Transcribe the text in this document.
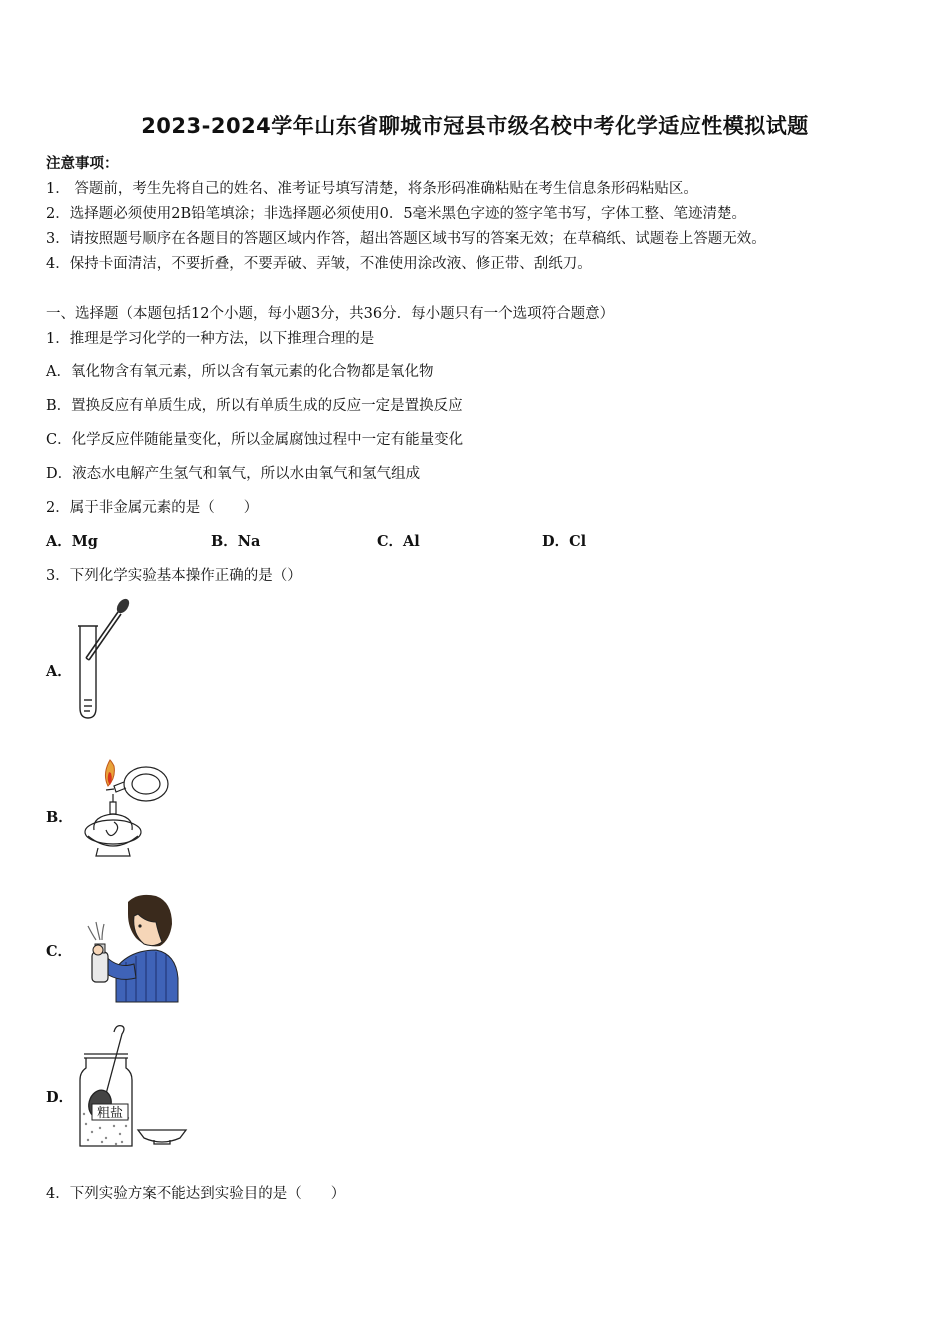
2023-2024学年山东省聊城市冠县市级名校中考化学适应性模拟试题
注意事项：
1． 答题前，考生先将自己的姓名、准考证号填写清楚，将条形码准确粘贴在考生信息条形码粘贴区。
2．选择题必须使用2B铅笔填涂；非选择题必须使用0．5毫米黑色字迹的签字笔书写，字体工整、笔迹清楚。
3．请按照题号顺序在各题目的答题区域内作答，超出答题区域书写的答案无效；在草稿纸、试题卷上答题无效。
4．保持卡面清洁，不要折叠，不要弄破、弄皱，不准使用涂改液、修正带、刮纸刀。
一、选择题（本题包括12个小题，每小题3分，共36分．每小题只有一个选项符合题意）
1．推理是学习化学的一种方法，以下推理合理的是
A．氧化物含有氧元素，所以含有氧元素的化合物都是氧化物
B．置换反应有单质生成，所以有单质生成的反应一定是置换反应
C．化学反应伴随能量变化，所以金属腐蚀过程中一定有能量变化
D．液态水电解产生氢气和氧气，所以水由氧气和氢气组成
2．属于非金属元素的是（　　）
A．Mg	B．Na	C．Al	D．Cl
3．下列化学实验基本操作正确的是（）
A．
B．
C．
D．
粗盐
4．下列实验方案不能达到实验目的是（　　）
